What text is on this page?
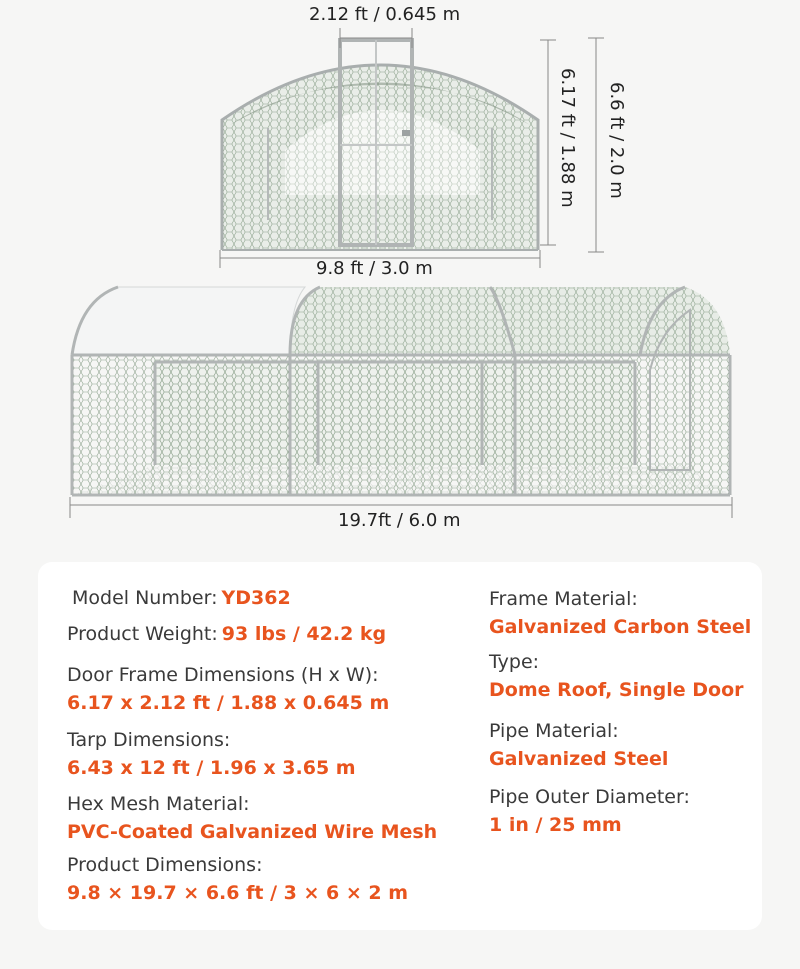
2.12 ft / 0.645 m
6.17 ft / 1.88 m 6.6 ft / 2.0 m
9.8 ft / 3.0 m
19.7ft / 6.0 m
Model Number: YD362
Product Weight: 93 lbs / 42.2 kg
Door Frame Dimensions (H x W):
6.17 x 2.12 ft / 1.88 x 0.645 m
Tarp Dimensions:
6.43 x 12 ft / 1.96 x 3.65 m
Hex Mesh Material:
PVC-Coated Galvanized Wire Mesh
Product Dimensions:
9.8 × 19.7 × 6.6 ft / 3 × 6 × 2 m
Frame Material:
Galvanized Carbon Steel
Type:
Dome Roof, Single Door
Pipe Material:
Galvanized Steel
Pipe Outer Diameter:
1 in / 25 mm
